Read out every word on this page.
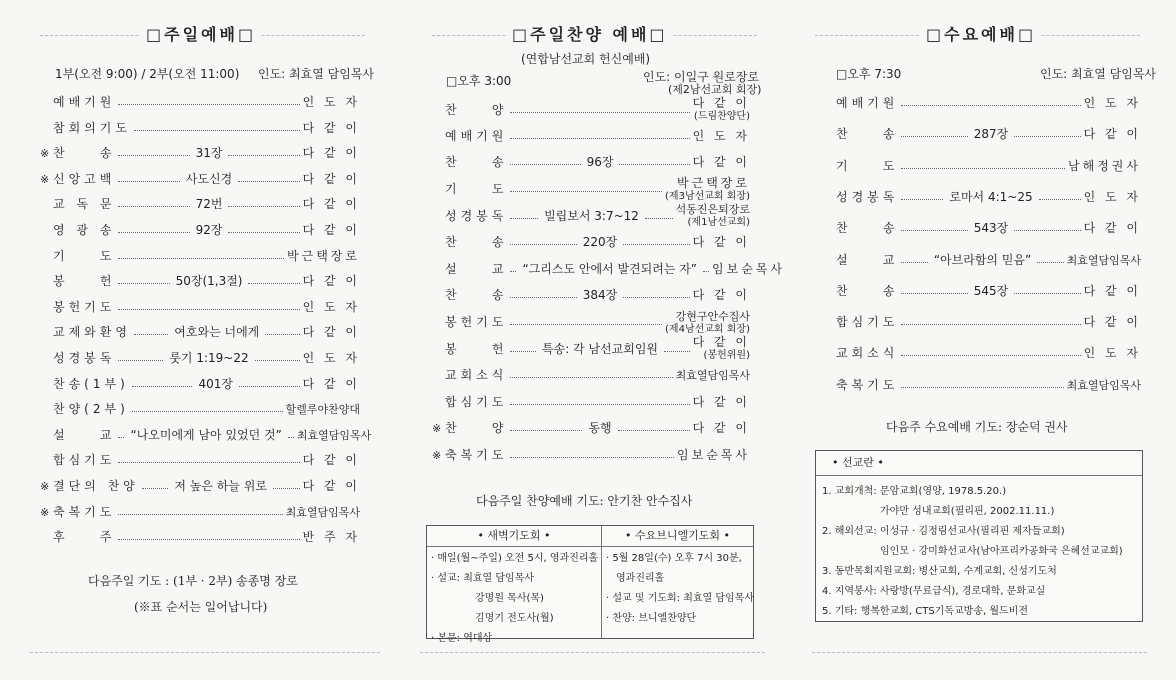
□주일예배□
1부(오전 9:00) / 2부(오전 11:00) 인도: 최효열 담임목사
예배기원	인 도 자
참회의기도	다 같 이
※ 찬    송	31장	다 같 이
※ 신앙고백	사도신경	다 같 이
교 독 문	72번	다 같 이
영 광 송	92장	다 같 이
기    도	박근택장로
봉    헌	50장(1,3절)	다 같 이
봉헌기도	인 도 자
교제와환영	여호와는 너에게	다 같 이
성경봉독	룻기 1:19~22	인 도 자
찬송(1부)	401장	다 같 이
찬양(2부)	할렐루야찬양대
설    교 “나오미에게 남아 있었던 것” 최효열담임목사
합심기도	다 같 이
※ 결단의 찬양	저 높은 하늘 위로	다 같 이
※ 축복기도	최효열담임목사
후    주	반 주 자
다음주일 기도 : (1부 · 2부) 송종명 장로
(※표 순서는 일어납니다)
□주일찬양 예배□
(연합남선교회 헌신예배)
□오후 3:00	인도: 이일구 원로장로
(제2남선교회 회장)
찬    양	다 같 이
(드림찬양단)
예배기원	인 도 자
찬    송	96장	다 같 이
기    도	박근택장로
(제3남선교회 회장)
성경봉독	빌립보서 3:7~12	석동진은퇴장로
(제1남선교회)
찬    송	220장	다 같 이
설    교 “그리스도 안에서 발견되려는 자” 임보순목사
찬    송	384장	다 같 이
봉헌기도	강현구안수집사
(제4남선교회 회장)
봉    헌	특송: 각 남선교회임원	다 같 이
(봉헌위원)
교회소식	최효열담임목사
합심기도	다 같 이
※ 찬    양	동행	다 같 이
※ 축복기도	임보순목사
다음주일 찬양예배 기도: 안기찬 안수집사
• 새벽기도회 •
· 매일(월~주일) 오전 5시, 영과진리홀
· 설교: 최효열 담임목사
강명원 목사(목)
김명기 전도사(월)
· 본문: 역대상
• 수요브니엘기도회 •
· 5월 28일(수) 오후 7시 30분,
영과진리홀
· 설교 및 기도회: 최효열 담임목사
· 찬양: 브니엘찬양단
□수요예배□
□오후 7:30	인도: 최효열 담임목사
예배기원	인 도 자
찬    송	287장	다 같 이
기    도	남해정권사
성경봉독	로마서 4:1~25	인 도 자
찬    송	543장	다 같 이
설    교	“아브라함의 믿음”	최효열담임목사
찬    송	545장	다 같 이
합심기도	다 같 이
교회소식	인 도 자
축복기도	최효열담임목사
다음주 수요예배 기도: 장순덕 권사
• 선교란 •
1. 교회개척: 문암교회(영양, 1978.5.20.)
가야만 성내교회(필리핀, 2002.11.11.)
2. 해외선교: 이성규 · 김정림선교사(필리핀 제자들교회)
임인모 · 강미화선교사(남아프리카공화국 은혜선교교회)
3. 동반목회지원교회: 병산교회, 수계교회, 신성기도처
4. 지역봉사: 사랑방(무료급식), 경로대학, 문화교실
5. 기타: 행복한교회, CTS기독교방송, 월드비전
